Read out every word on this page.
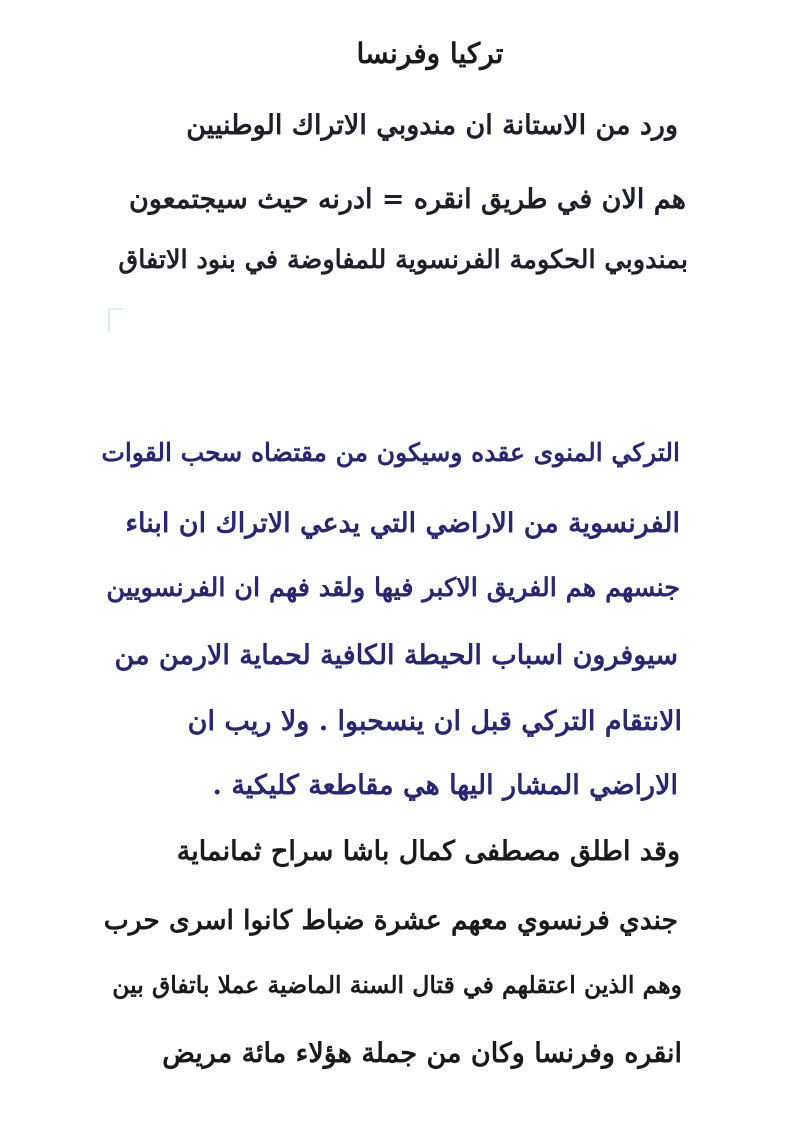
تركيا وفرنسا
ورد من الاستانة ان مندوبي الاتراك الوطنيين
هم الان في طريق انقره = ادرنه حيث سيجتمعون
بمندوبي الحكومة الفرنسوية للمفاوضة في بنود الاتفاق
التركي المنوى عقده وسيكون من مقتضاه سحب القوات
الفرنسوية من الاراضي التي يدعي الاتراك ان ابناء
جنسهم هم الفريق الاكبر فيها ولقد فهم ان الفرنسويين
سيوفرون اسباب الحيطة الكافية لحماية الارمن من
الانتقام التركي قبل ان ينسحبوا . ولا ريب ان
الاراضي المشار اليها هي مقاطعة كليكية .
وقد اطلق مصطفى كمال باشا سراح ثمانماية
جندي فرنسوي معهم عشرة ضباط كانوا اسرى حرب
وهم الذين اعتقلهم في قتال السنة الماضية عملا باتفاق بين
انقره وفرنسا وكان من جملة هؤلاء مائة مريض
